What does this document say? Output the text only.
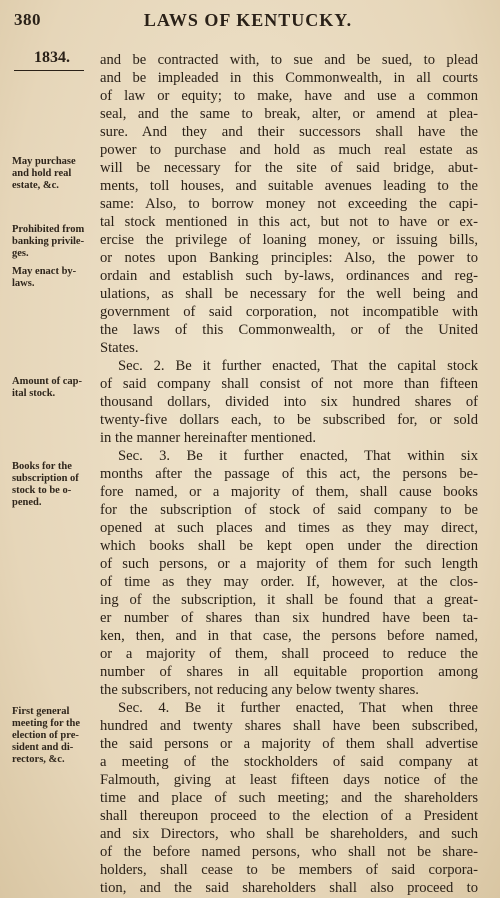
380	LAWS OF KENTUCKY.
1834.
May purchase
and hold real
estate, &c.
Prohibited from
banking privile-
ges.
May enact by-
laws.
Amount of cap-
ital stock.
Books for the
subscription of
stock to be o-
pened.
First general
meeting for the
election of pre-
sident and di-
rectors, &c.
and be contracted with, to sue and be sued, to plead
and be impleaded in this Commonwealth, in all courts
of law or equity; to make, have and use a common
seal, and the same to break, alter, or amend at plea-
sure. And they and their successors shall have the
power to purchase and hold as much real estate as
will be necessary for the site of said bridge, abut-
ments, toll houses, and suitable avenues leading to the
same: Also, to borrow money not exceeding the capi-
tal stock mentioned in this act, but not to have or ex-
ercise the privilege of loaning money, or issuing bills,
or notes upon Banking principles: Also, the power to
ordain and establish such by-laws, ordinances and reg-
ulations, as shall be necessary for the well being and
government of said corporation, not incompatible with
the laws of this Commonwealth, or of the United
States.
Sec. 2. Be it further enacted, That the capital stock
of said company shall consist of not more than fifteen
thousand dollars, divided into six hundred shares of
twenty-five dollars each, to be subscribed for, or sold
in the manner hereinafter mentioned.
Sec. 3. Be it further enacted, That within six
months after the passage of this act, the persons be-
fore named, or a majority of them, shall cause books
for the subscription of stock of said company to be
opened at such places and times as they may direct,
which books shall be kept open under the direction
of such persons, or a majority of them for such length
of time as they may order. If, however, at the clos-
ing of the subscription, it shall be found that a great-
er number of shares than six hundred have been ta-
ken, then, and in that case, the persons before named,
or a majority of them, shall proceed to reduce the
number of shares in all equitable proportion among
the subscribers, not reducing any below twenty shares.
Sec. 4. Be it further enacted, That when three
hundred and twenty shares shall have been subscribed,
the said persons or a majority of them shall advertise
a meeting of the stockholders of said company at
Falmouth, giving at least fifteen days notice of the
time and place of such meeting; and the shareholders
shall thereupon proceed to the election of a President
and six Directors, who shall be shareholders, and such
of the before named persons, who shall not be share-
holders, shall cease to be members of said corpora-
tion, and the said shareholders shall also proceed to
